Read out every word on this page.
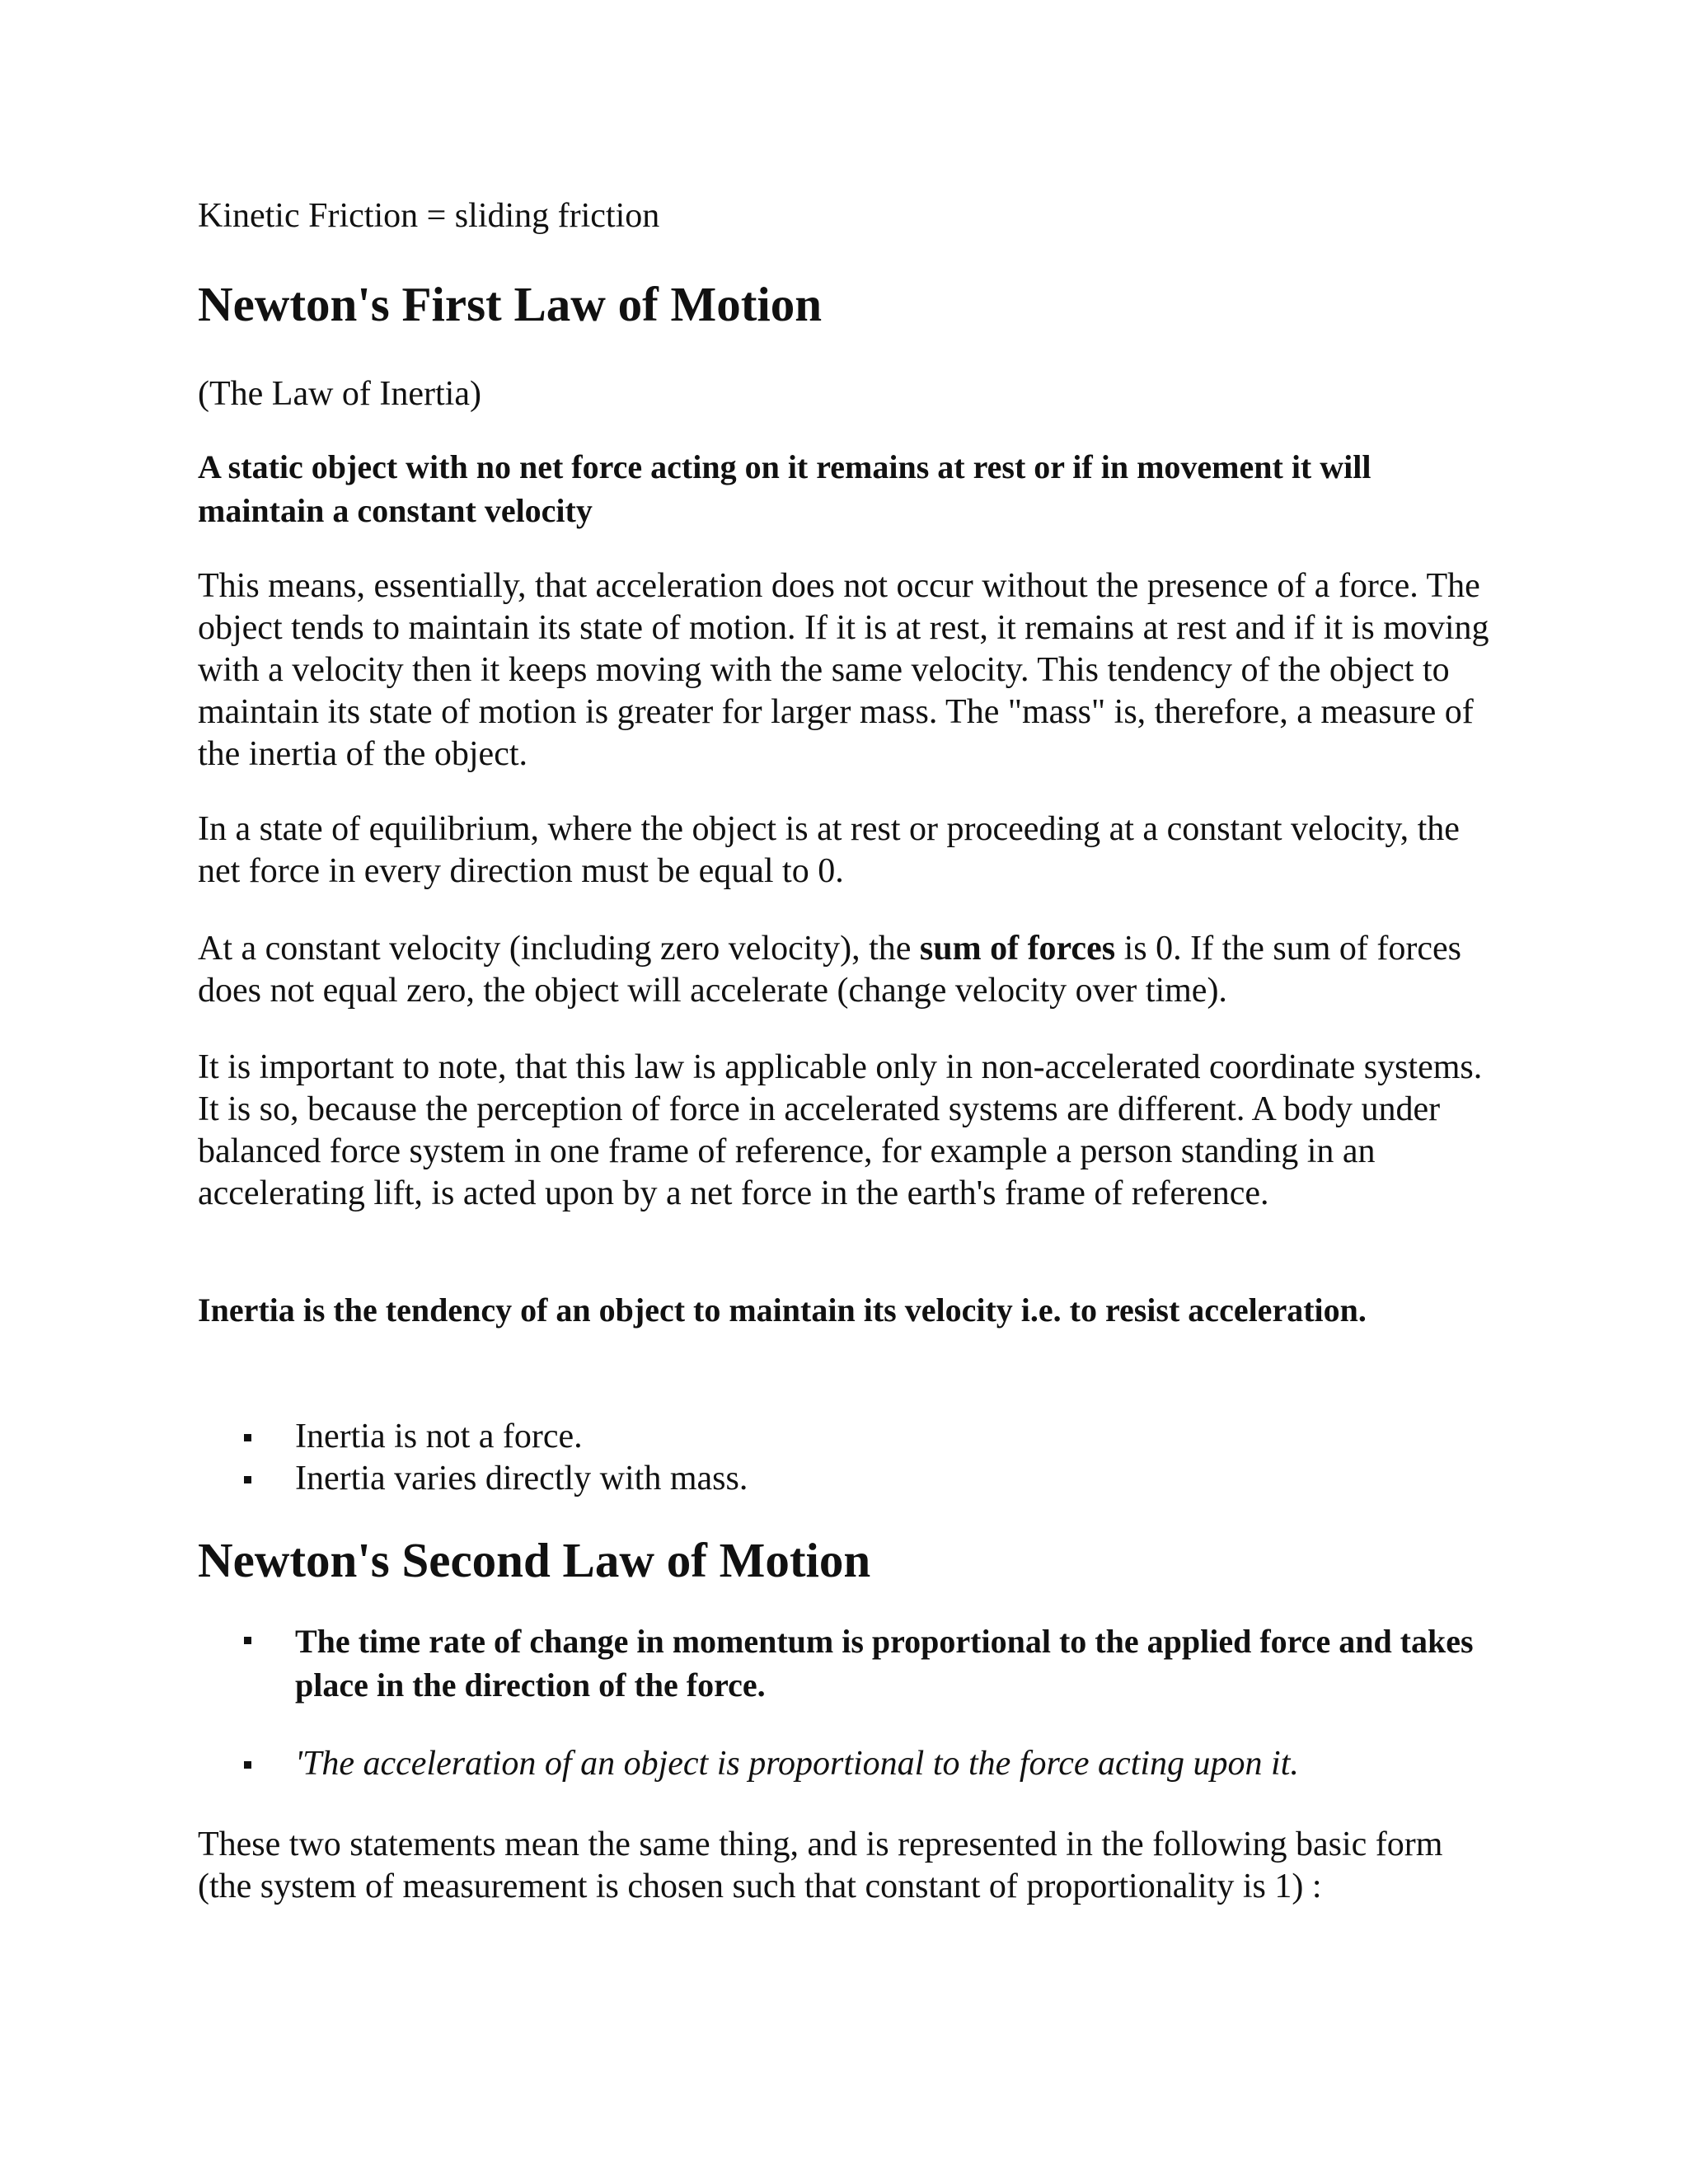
Kinetic Friction = sliding friction

Newton's First Law of Motion

(The Law of Inertia)

A static object with no net force acting on it remains at rest or if in movement it will maintain a constant velocity

This means, essentially, that acceleration does not occur without the presence of a force. The object tends to maintain its state of motion. If it is at rest, it remains at rest and if it is moving with a velocity then it keeps moving with the same velocity. This tendency of the object to maintain its state of motion is greater for larger mass. The "mass" is, therefore, a measure of the inertia of the object.

In a state of equilibrium, where the object is at rest or proceeding at a constant velocity, the net force in every direction must be equal to 0.

At a constant velocity (including zero velocity), the sum of forces is 0. If the sum of forces does not equal zero, the object will accelerate (change velocity over time).

It is important to note, that this law is applicable only in non-accelerated coordinate systems. It is so, because the perception of force in accelerated systems are different. A body under balanced force system in one frame of reference, for example a person standing in an accelerating lift, is acted upon by a net force in the earth's frame of reference.

Inertia is the tendency of an object to maintain its velocity i.e. to resist acceleration.

Inertia is not a force.
Inertia varies directly with mass.
Newton's Second Law of Motion
The time rate of change in momentum is proportional to the applied force and takes place in the direction of the force.
'The acceleration of an object is proportional to the force acting upon it.

These two statements mean the same thing, and is represented in the following basic form (the system of measurement is chosen such that constant of proportionality is 1) :
